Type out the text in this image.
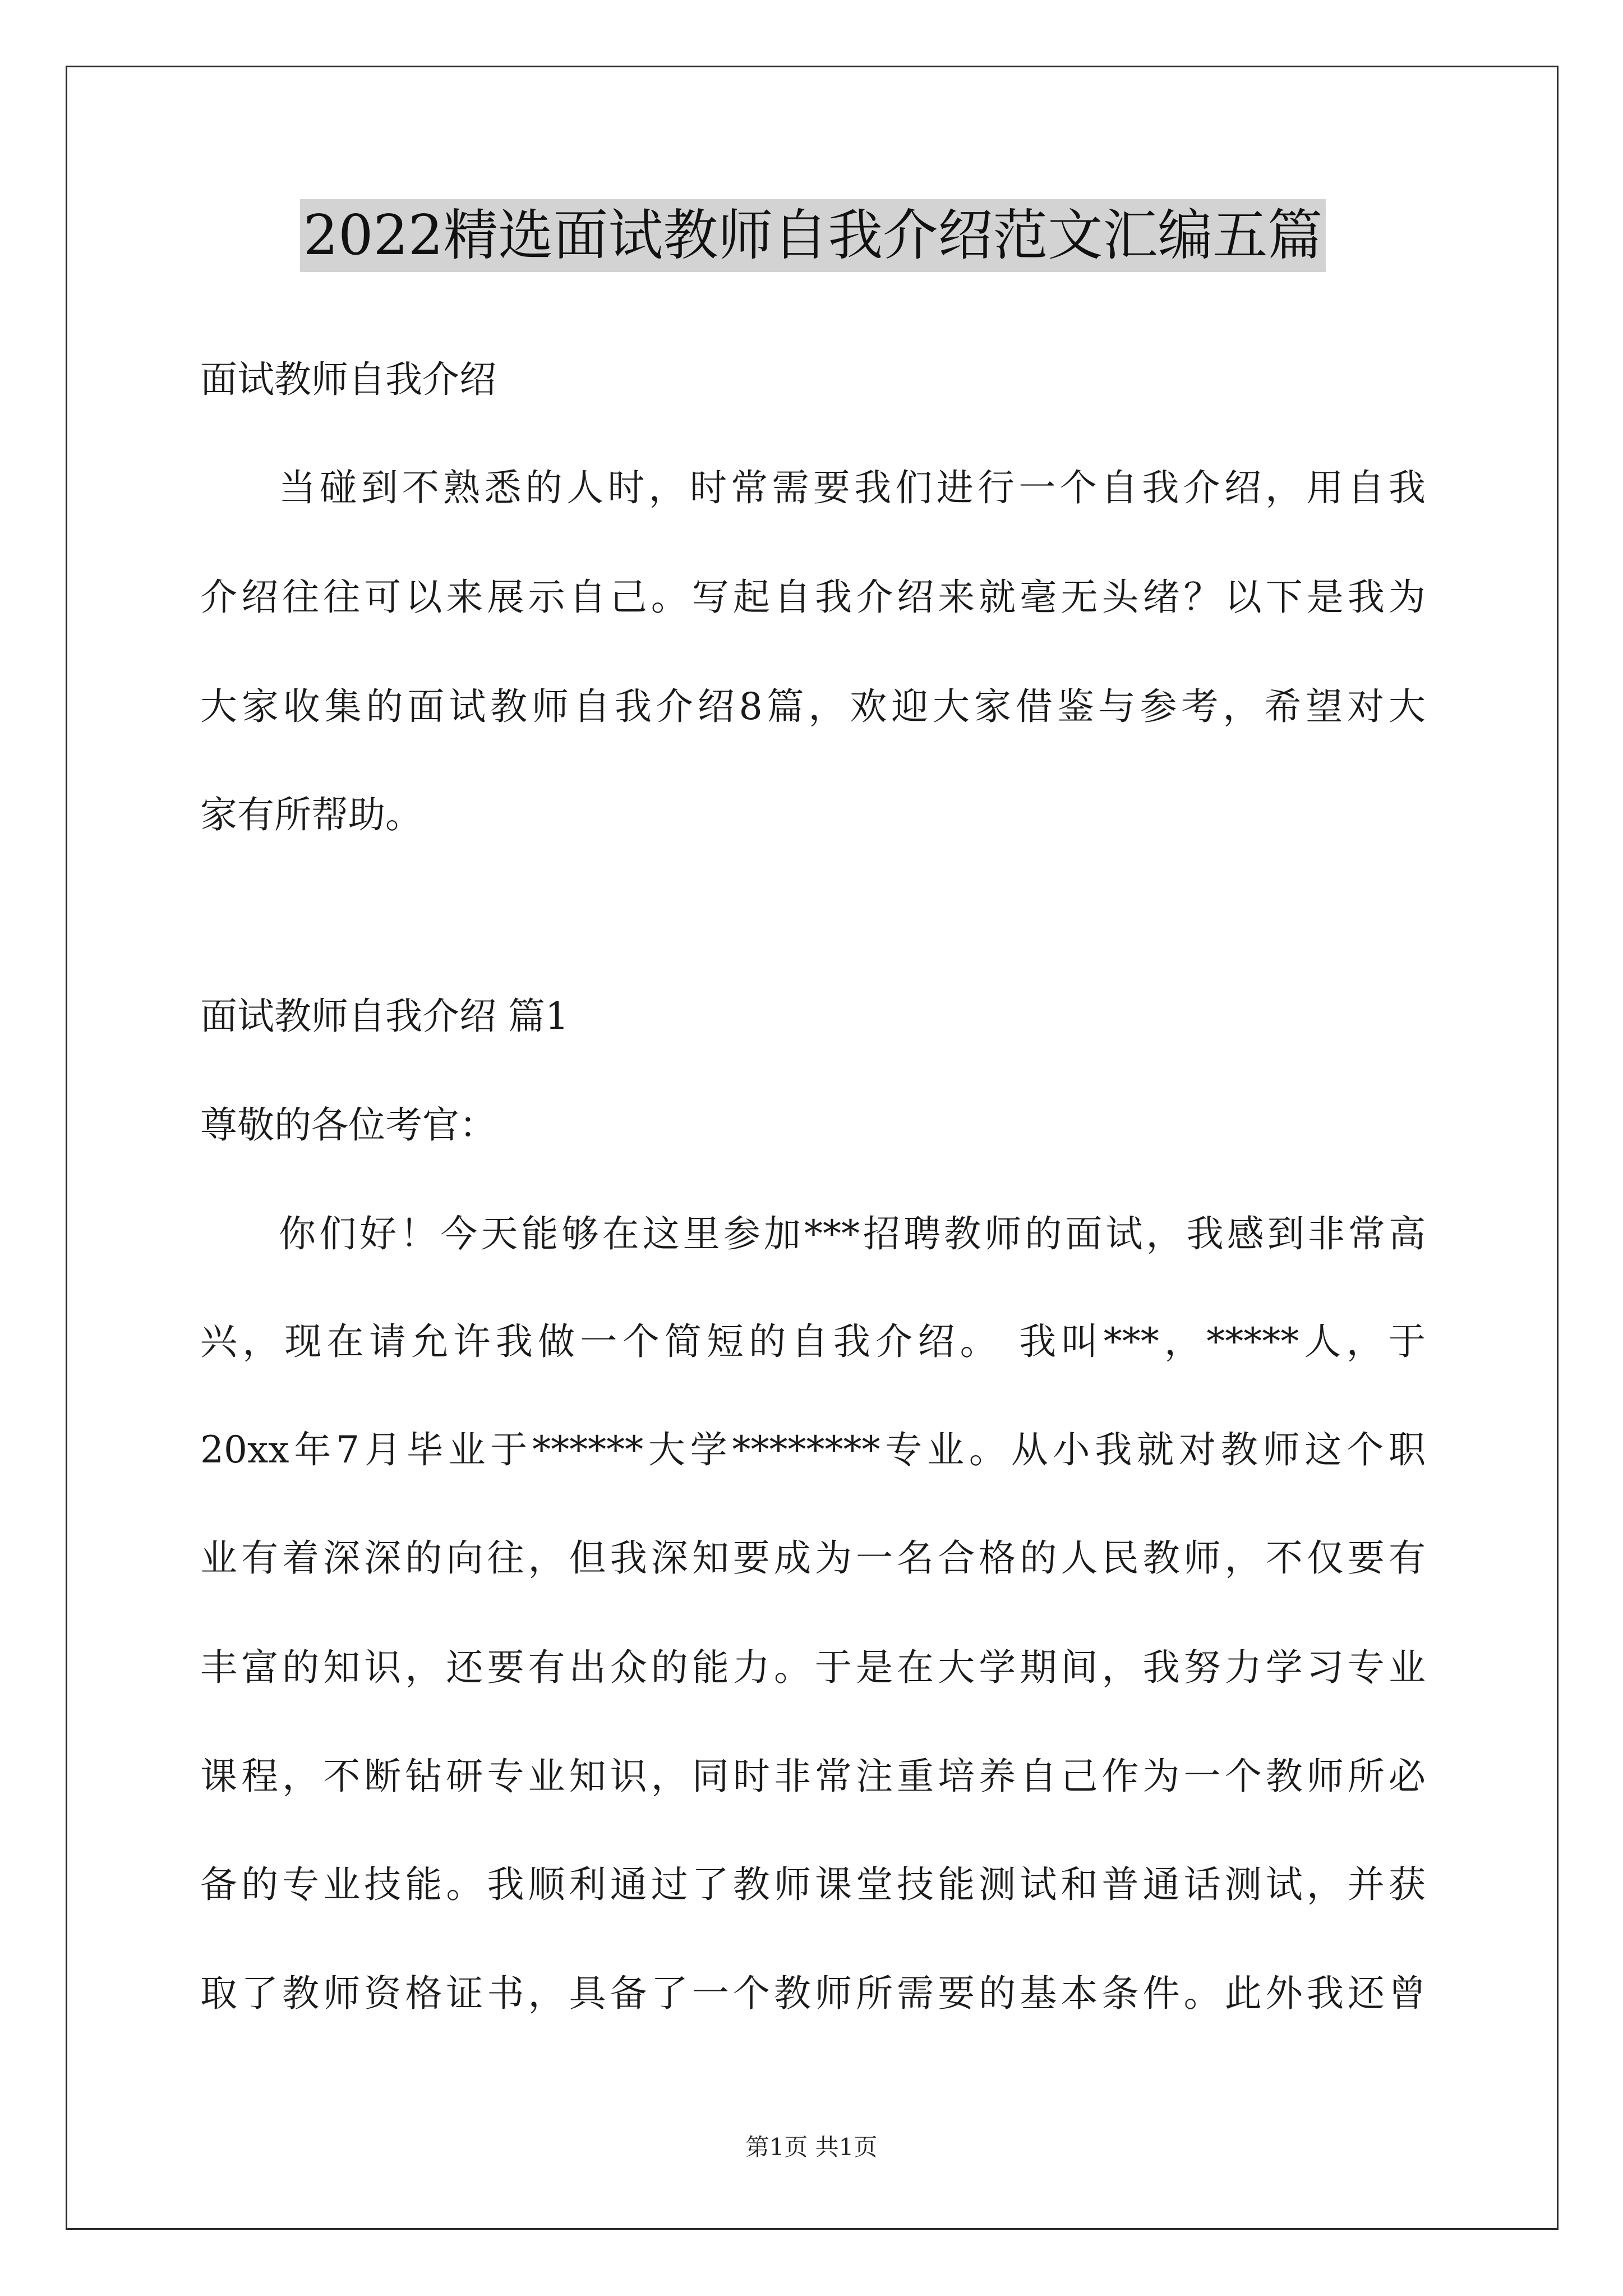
2022精选面试教师自我介绍范文汇编五篇
面试教师自我介绍
当碰到不熟悉的人时，时常需要我们进行一个自我介绍，用自我
介绍往往可以来展示自己。写起自我介绍来就毫无头绪？以下是我为
大家收集的面试教师自我介绍8篇，欢迎大家借鉴与参考，希望对大
家有所帮助。
面试教师自我介绍 篇1
尊敬的各位考官：
你们好！今天能够在这里参加***招聘教师的面试，我感到非常高
兴，现在请允许我做一个简短的自我介绍。 我叫***，*****人，于
20xx年7月毕业于******大学********专业。从小我就对教师这个职
业有着深深的向往，但我深知要成为一名合格的人民教师，不仅要有
丰富的知识，还要有出众的能力。于是在大学期间，我努力学习专业
课程，不断钻研专业知识，同时非常注重培养自己作为一个教师所必
备的专业技能。我顺利通过了教师课堂技能测试和普通话测试，并获
取了教师资格证书，具备了一个教师所需要的基本条件。此外我还曾
第1页 共1页
